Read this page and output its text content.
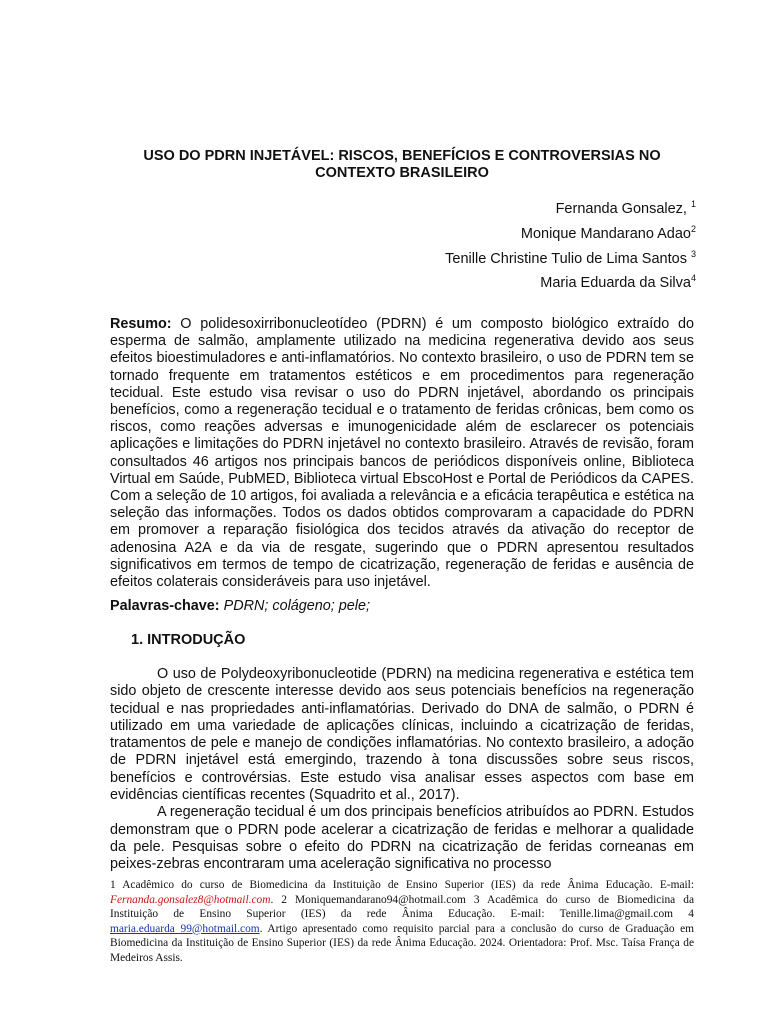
USO DO PDRN INJETÁVEL: RISCOS, BENEFÍCIOS E CONTROVERSIAS NO
CONTEXTO BRASILEIRO
Fernanda Gonsalez, $^1$
Monique Mandarano Adao$^2$
Tenille Christine Tulio de Lima Santos $^3$
Maria Eduarda da Silva$^4$

Resumo: O polidesoxirribonucleotídeo (PDRN) é um composto biológico extraído do esperma de salmão, amplamente utilizado na medicina regenerativa devido aos seus efeitos bioestimuladores e anti-inflamatórios. No contexto brasileiro, o uso de PDRN tem se tornado frequente em tratamentos estéticos e em procedimentos para regeneração tecidual. Este estudo visa revisar o uso do PDRN injetável, abordando os principais benefícios, como a regeneração tecidual e o tratamento de feridas crônicas, bem como os riscos, como reações adversas e imunogenicidade além de esclarecer os potenciais aplicações e limitações do PDRN injetável no contexto brasileiro. Através de revisão, foram consultados 46 artigos nos principais bancos de periódicos disponíveis online, Biblioteca Virtual em Saúde, PubMED, Biblioteca virtual EbscoHost e Portal de Periódicos da CAPES. Com a seleção de 10 artigos, foi avaliada a relevância e a eficácia terapêutica e estética na seleção das informações. Todos os dados obtidos comprovaram a capacidade do PDRN em promover a reparação fisiológica dos tecidos através da ativação do receptor de adenosina A2A e da via de resgate, sugerindo que o PDRN apresentou resultados significativos em termos de tempo de cicatrização, regeneração de feridas e ausência de efeitos colaterais consideráveis para uso injetável.

Palavras-chave: PDRN; colágeno; pele;

1. INTRODUÇÃO

O uso de Polydeoxyribonucleotide (PDRN) na medicina regenerativa e estética tem sido objeto de crescente interesse devido aos seus potenciais benefícios na regeneração tecidual e nas propriedades anti-inflamatórias. Derivado do DNA de salmão, o PDRN é utilizado em uma variedade de aplicações clínicas, incluindo a cicatrização de feridas, tratamentos de pele e manejo de condições inflamatórias. No contexto brasileiro, a adoção de PDRN injetável está emergindo, trazendo à tona discussões sobre seus riscos, benefícios e controvérsias. Este estudo visa analisar esses aspectos com base em evidências científicas recentes (Squadrito et al., 2017).

A regeneração tecidual é um dos principais benefícios atribuídos ao PDRN. Estudos demonstram que o PDRN pode acelerar a cicatrização de feridas e melhorar a qualidade da pele. Pesquisas sobre o efeito do PDRN na cicatrização de feridas corneanas em peixes-zebras encontraram uma aceleração significativa no processo

1 Acadêmico do curso de Biomedicina da Instituição de Ensino Superior (IES) da rede Ânima Educação. E-mail: Fernanda.gonsalez8@hotmail.com. 2 Moniquemandarano94@hotmail.com 3 Acadêmica do curso de Biomedicina da Instituição de Ensino Superior (IES) da rede Ânima Educação. E-mail: Tenille.lima@gmail.com 4 maria.eduarda_99@hotmail.com. Artigo apresentado como requisito parcial para a conclusão do curso de Graduação em Biomedicina da Instituição de Ensino Superior (IES) da rede Ânima Educação. 2024. Orientadora: Prof. Msc. Taísa França de Medeiros Assis.
